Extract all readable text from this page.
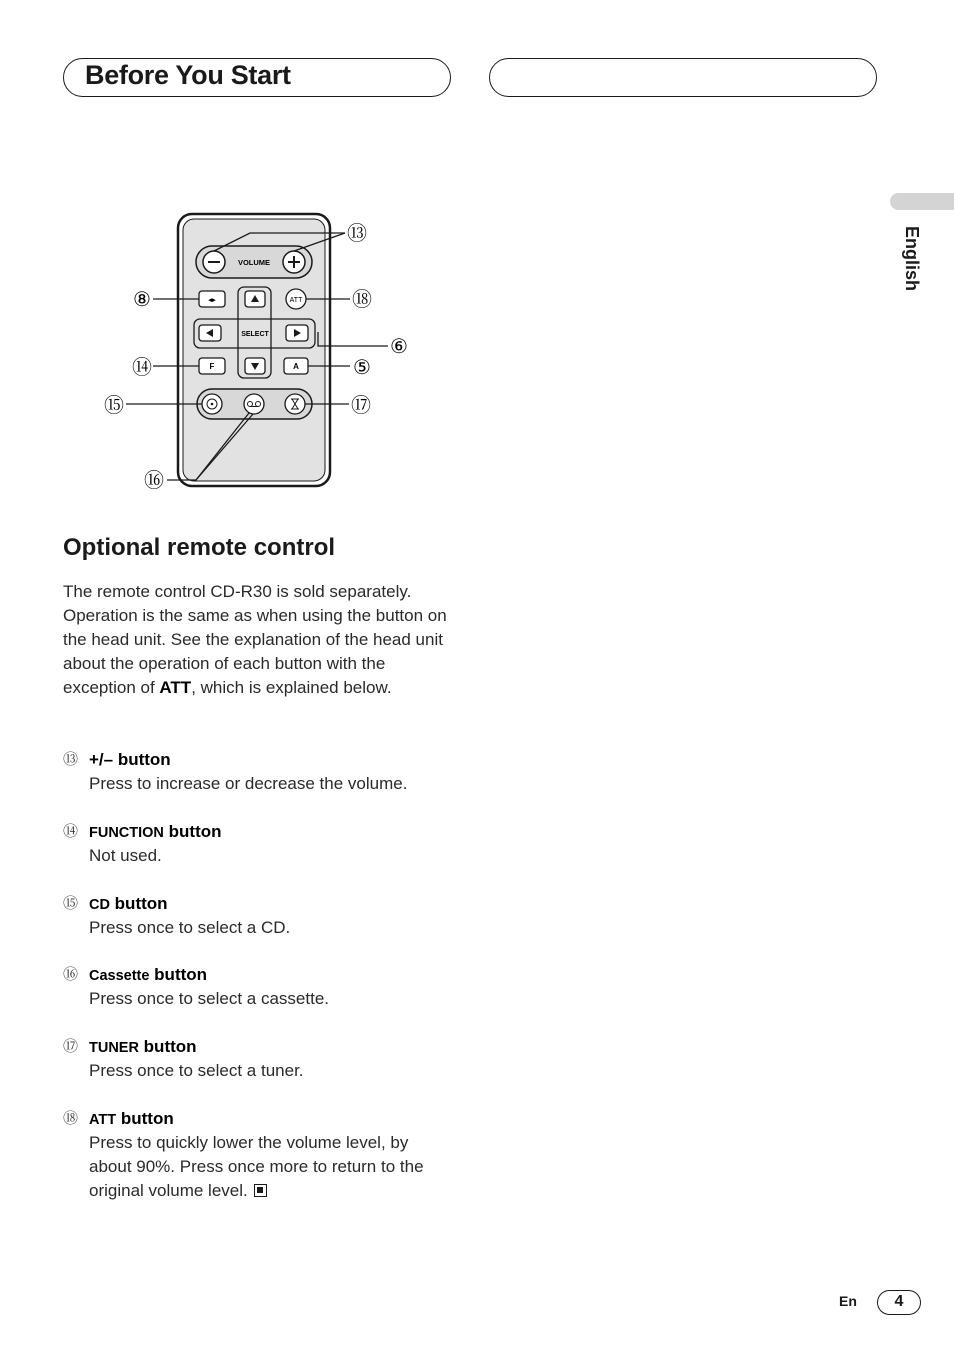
Before You Start
English
VOLUME
◂▸	ATT
SELECT
F	A
⑬
⑧	⑱
⑥
⑭	⑤
⑮	⑰
⑯
Optional remote control
The remote control CD-R30 is sold separately. Operation is the same as when using the button on the head unit. See the explanation of the head unit about the operation of each button with the exception of ATT, which is explained below.
⑬ +/– button
Press to increase or decrease the volume.
⑭ FUNCTION button
Not used.
⑮ CD button
Press once to select a CD.
⑯ Cassette button
Press once to select a cassette.
⑰ TUNER button
Press once to select a tuner.
⑱ ATT button
Press to quickly lower the volume level, by about 90%. Press once more to return to the original volume level.
En	4
